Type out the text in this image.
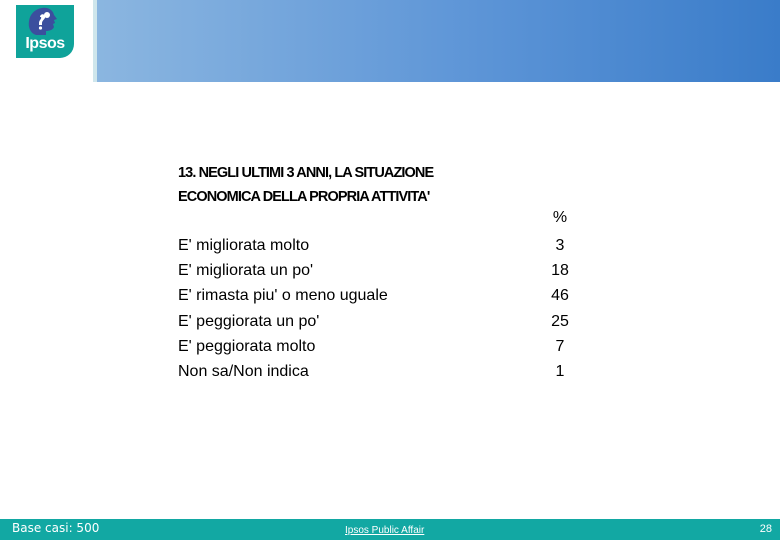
Ipsos
13. NEGLI ULTIMI 3 ANNI, LA SITUAZIONE
ECONOMICA DELLA PROPRIA ATTIVITA'
%
E' migliorata molto	3
E' migliorata un po'	18
E' rimasta piu' o meno uguale	46
E' peggiorata un po'	25
E' peggiorata molto	7
Non sa/Non indica	1
Base casi: 500	Ipsos Public Affair	28
